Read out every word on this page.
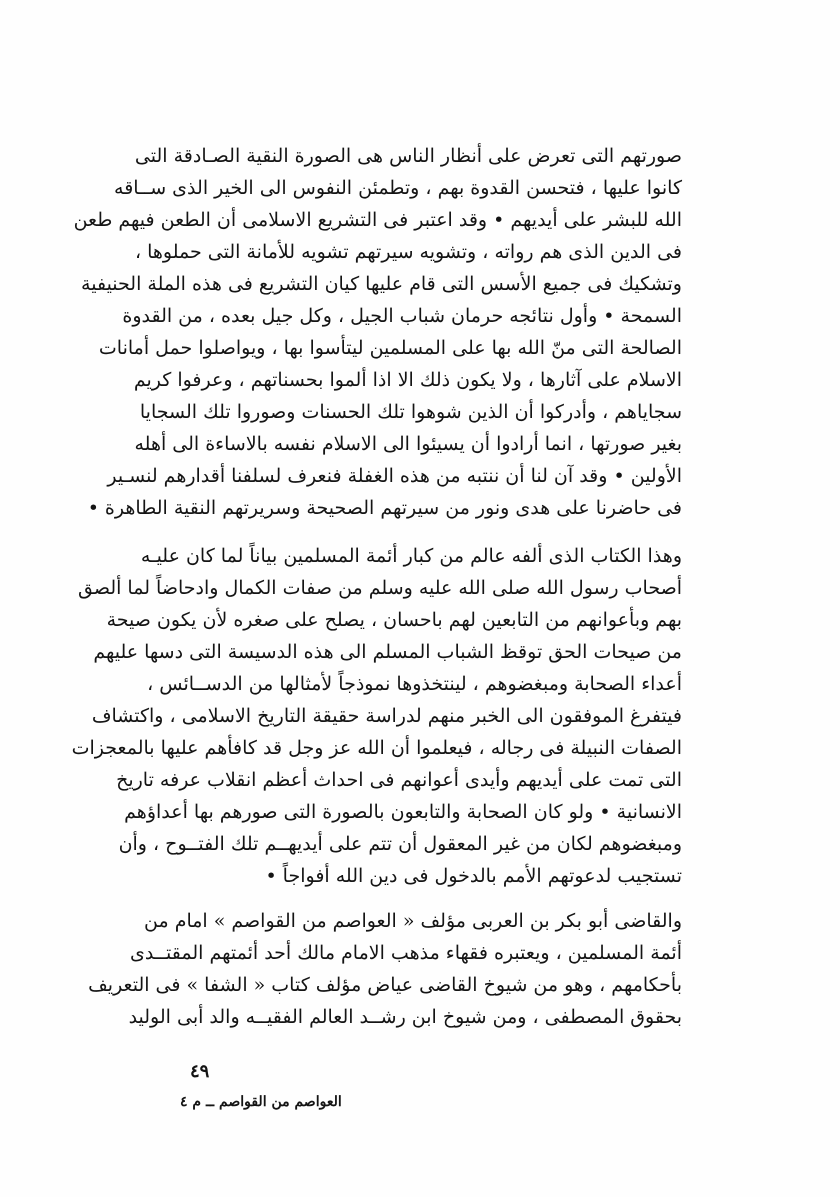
صورتهم التى تعرض على أنظار الناس هى الصورة النقية الصـادقة التى
كانوا عليها ، فتحسن القدوة بهم ، وتطمئن النفوس الى الخير الذى ســاقه
الله للبشر على أيديهم • وقد اعتبر فى التشريع الاسلامى أن الطعن فيهم طعن
فى الدين الذى هم رواته ، وتشويه سيرتهم تشويه للأمانة التى حملوها ،
وتشكيك فى جميع الأسس التى قام عليها كيان التشريع فى هذه الملة الحنيفية
السمحة • وأول نتائجه حرمان شباب الجيل ، وكل جيل بعده ، من القدوة
الصالحة التى منّ الله بها على المسلمين ليتأسوا بها ، ويواصلوا حمل أمانات
الاسلام على آثارها ، ولا يكون ذلك الا اذا ألموا بحسناتهم ، وعرفوا كريم
سجاياهم ، وأدركوا أن الذين شوهوا تلك الحسنات وصوروا تلك السجايا
بغير صورتها ، انما أرادوا أن يسيئوا الى الاسلام نفسه بالاساءة الى أهله
الأولين • وقد آن لنا أن ننتبه من هذه الغفلة فنعرف لسلفنا أقدارهم لنسـير
فى حاضرنا على هدى ونور من سيرتهم الصحيحة وسريرتهم النقية الطاهرة •
وهذا الكتاب الذى ألفه عالم من كبار أئمة المسلمين بياناً لما كان عليـه
أصحاب رسول الله صلى الله عليه وسلم من صفات الكمال وادحاضاً لما ألصق
بهم وبأعوانهم من التابعين لهم باحسان ، يصلح على صغره لأن يكون صيحة
من صيحات الحق توقظ الشباب المسلم الى هذه الدسيسة التى دسها عليهم
أعداء الصحابة ومبغضوهم ، لينتخذوها نموذجاً لأمثالها من الدســائس ،
فيتفرغ الموفقون الى الخبر منهم لدراسة حقيقة التاريخ الاسلامى ، واكتشاف
الصفات النبيلة فى رجاله ، فيعلموا أن الله عز وجل قد كافأهم عليها بالمعجزات
التى تمت على أيديهم وأيدى أعوانهم فى احداث أعظم انقلاب عرفه تاريخ
الانسانية • ولو كان الصحابة والتابعون بالصورة التى صورهم بها أعداؤهم
ومبغضوهم لكان من غير المعقول أن تتم على أيديهــم تلك الفتــوح ، وأن
تستجيب لدعوتهم الأمم بالدخول فى دين الله أفواجاً •
والقاضى أبو بكر بن العربى مؤلف « العواصم من القواصم » امام من
أئمة المسلمين ، ويعتبره فقهاء مذهب الامام مالك أحد أئمتهم المقتــدى
بأحكامهم ، وهو من شيوخ القاضى عياض مؤلف كتاب « الشفا » فى التعريف
بحقوق المصطفى ، ومن شيوخ ابن رشــد العالم الفقيــه والد أبى الوليد
٤٩
العواصم من القواصم ــ م ٤
